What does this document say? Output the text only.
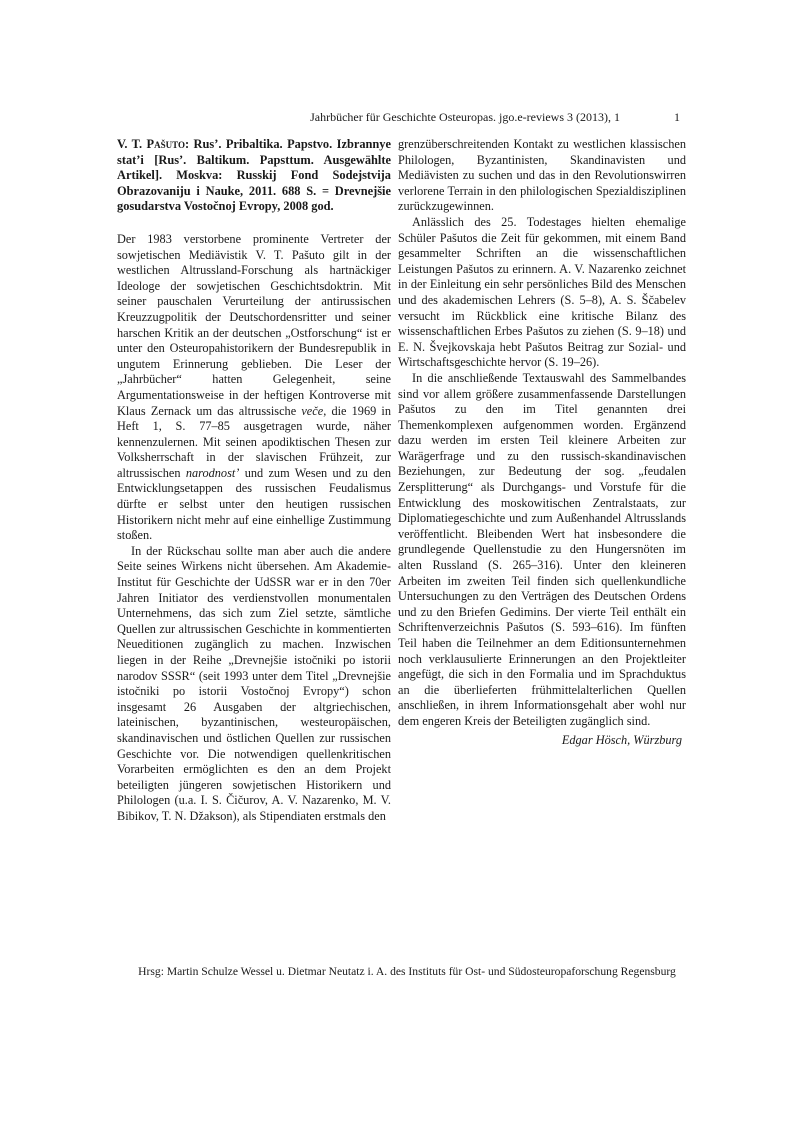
Jahrbücher für Geschichte Osteuropas. jgo.e-reviews 3 (2013), 1	1
V. T. Pašuto: Rus’. Pribaltika. Papstvo. Izbrannye stat’i [Rus’. Baltikum. Papsttum. Ausgewählte Artikel]. Moskva: Russkij Fond Sodejstvija Obrazovaniju i Nauke, 2011. 688 S. = Drevnejšie gosudarstva Vostočnoj Evropy, 2008 god.

Der 1983 verstorbene prominente Vertreter der sowjetischen Mediävistik V. T. Pašuto gilt in der westlichen Altrussland-Forschung als hartnäckiger Ideologe der sowjetischen Geschichtsdoktrin. Mit seiner pauschalen Verurteilung der antirussischen Kreuzzugpolitik der Deutschordensritter und seiner harschen Kritik an der deutschen „Ostforschung“ ist er unter den Osteuropahistorikern der Bundesrepublik in ungutem Erinnerung geblieben. Die Leser der „Jahrbücher“ hatten Gelegenheit, seine Argumentationsweise in der heftigen Kontroverse mit Klaus Zernack um das altrussische veče, die 1969 in Heft 1, S. 77–85 ausgetragen wurde, näher kennenzulernen. Mit seinen apodiktischen Thesen zur Volksherrschaft in der slavischen Frühzeit, zur altrussischen narodnost’ und zum Wesen und zu den Entwicklungsetappen des russischen Feudalismus dürfte er selbst unter den heutigen russischen Historikern nicht mehr auf eine einhellige Zustimmung stoßen.

In der Rückschau sollte man aber auch die andere Seite seines Wirkens nicht übersehen. Am Akademie-Institut für Geschichte der UdSSR war er in den 70er Jahren Initiator des verdienstvollen monumentalen Unternehmens, das sich zum Ziel setzte, sämtliche Quellen zur altrussischen Geschichte in kommentierten Neueditionen zugänglich zu machen. Inzwischen liegen in der Reihe „Drevnejšie istočniki po istorii narodov SSSR“ (seit 1993 unter dem Titel „Drevnejšie istočniki po istorii Vostočnoj Evropy“) schon insgesamt 26 Ausgaben der altgriechischen, lateinischen, byzantinischen, westeuropäischen, skandinavischen und östlichen Quellen zur russischen Geschichte vor. Die notwendigen quellenkritischen Vorarbeiten ermöglichten es den an dem Projekt beteiligten jüngeren sowjetischen Historikern und Philologen (u.a. I. S. Čičurov, A. V. Nazarenko, M. V. Bibikov, T. N. Džakson), als Stipendiaten erstmals den

grenzüberschreitenden Kontakt zu westlichen klassischen Philologen, Byzantinisten, Skandinavisten und Mediävisten zu suchen und das in den Revolutionswirren verlorene Terrain in den philologischen Spezialdisziplinen zurückzugewinnen.

Anlässlich des 25. Todestages hielten ehemalige Schüler Pašutos die Zeit für gekommen, mit einem Band gesammelter Schriften an die wissenschaftlichen Leistungen Pašutos zu erinnern. A. V. Nazarenko zeichnet in der Einleitung ein sehr persönliches Bild des Menschen und des akademischen Lehrers (S. 5–8), A. S. Ščabelev versucht im Rückblick eine kritische Bilanz des wissenschaftlichen Erbes Pašutos zu ziehen (S. 9–18) und E. N. Švejkovskaja hebt Pašutos Beitrag zur Sozial- und Wirtschaftsgeschichte hervor (S. 19–26).

In die anschließende Textauswahl des Sammelbandes sind vor allem größere zusammenfassende Darstellungen Pašutos zu den im Titel genannten drei Themenkomplexen aufgenommen worden. Ergänzend dazu werden im ersten Teil kleinere Arbeiten zur Warägerfrage und zu den russisch-skandinavischen Beziehungen, zur Bedeutung der sog. „feudalen Zersplitterung“ als Durchgangs- und Vorstufe für die Entwicklung des moskowitischen Zentralstaats, zur Diplomatiegeschichte und zum Außenhandel Altrusslands veröffentlicht. Bleibenden Wert hat insbesondere die grundlegende Quellenstudie zu den Hungersnöten im alten Russland (S. 265–316). Unter den kleineren Arbeiten im zweiten Teil finden sich quellenkundliche Untersuchungen zu den Verträgen des Deutschen Ordens und zu den Briefen Gedimins. Der vierte Teil enthält ein Schriftenverzeichnis Pašutos (S. 593–616). Im fünften Teil haben die Teilnehmer an dem Editionsunternehmen noch verklausulierte Erinnerungen an den Projektleiter angefügt, die sich in den Formalia und im Sprachduktus an die überlieferten frühmittelalterlichen Quellen anschließen, in ihrem Informationsgehalt aber wohl nur dem engeren Kreis der Beteiligten zugänglich sind.

Edgar Hösch, Würzburg
Hrsg: Martin Schulze Wessel u. Dietmar Neutatz i. A. des Instituts für Ost- und Südosteuropaforschung Regensburg
